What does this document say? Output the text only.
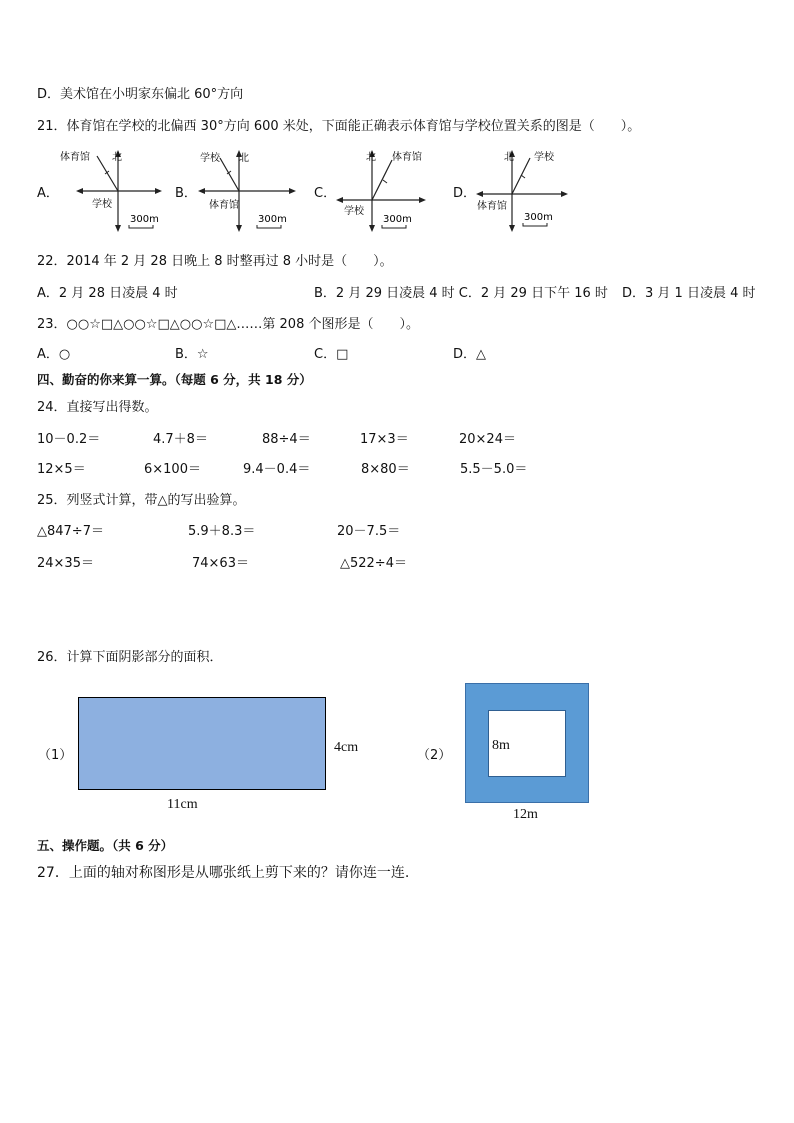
D．美术馆在小明家东偏北 60°方向
21．体育馆在学校的北偏西 30°方向 600 米处，下面能正确表示体育馆与学校位置关系的图是（　　）。
A．	B．	C．	D．
体育馆 北
学校
300m
学校 北
体育馆
300m
北 体育馆
学校
300m
北 学校
体育馆
300m
22．2014 年 2 月 28 日晚上 8 时整再过 8 小时是（　　）。
A．2 月 28 日凌晨 4 时	B．2 月 29 日凌晨 4 时 C．2 月 29 日下午 16 时 D．3 月 1 日凌晨 4 时
23．○○☆□△○○☆□△○○☆□△……第 208 个图形是（　　）。
A．○	B．☆	C．□	D．△
四、勤奋的你来算一算。（每题 6 分，共 18 分）
24．直接写出得数。
10－0.2＝	4.7＋8＝	88÷4＝	17×3＝	20×24＝
12×5＝	6×100＝	9.4－0.4＝	8×80＝	5.5－5.0＝
25．列竖式计算，带△的写出验算。
△847÷7＝	5.9＋8.3＝	20－7.5＝
24×35＝	74×63＝	△522÷4＝
26．计算下面阴影部分的面积．
（1）
4cm
11cm
（2）
8m
12m
五、操作题。（共 6 分）
27．上面的轴对称图形是从哪张纸上剪下来的？请你连一连.
